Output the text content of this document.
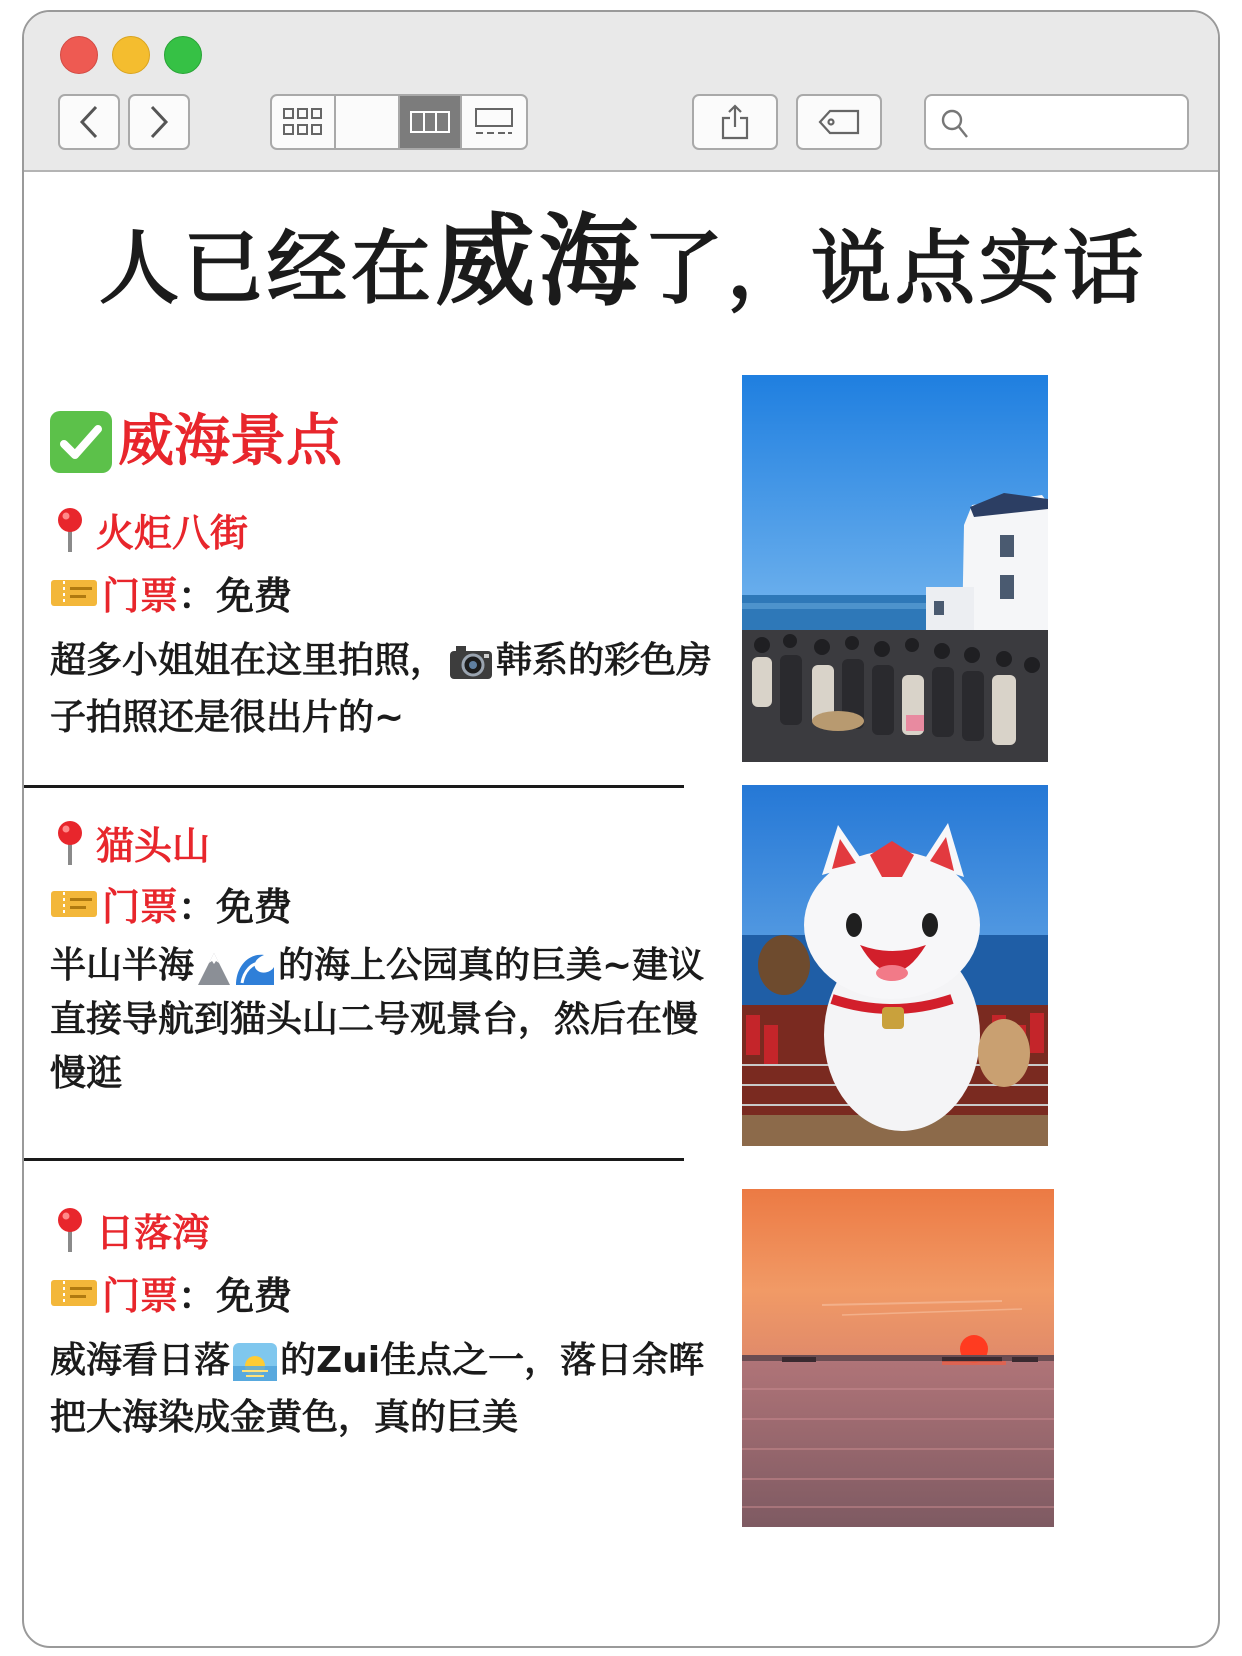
人已经在威海了，说点实话
威海景点
火炬八街
门票 ：免费
超多小姐姐在这里拍照， 韩系的彩色房子拍照还是很出片的~
猫头山
门票 ：免费
半山半海 的海上公园真的巨美~建议直接导航到猫头山二号观景台，然后在慢慢逛
日落湾
门票 ：免费
威海看日落 的Zui佳点之一，落日余晖把大海染成金黄色，真的巨美
